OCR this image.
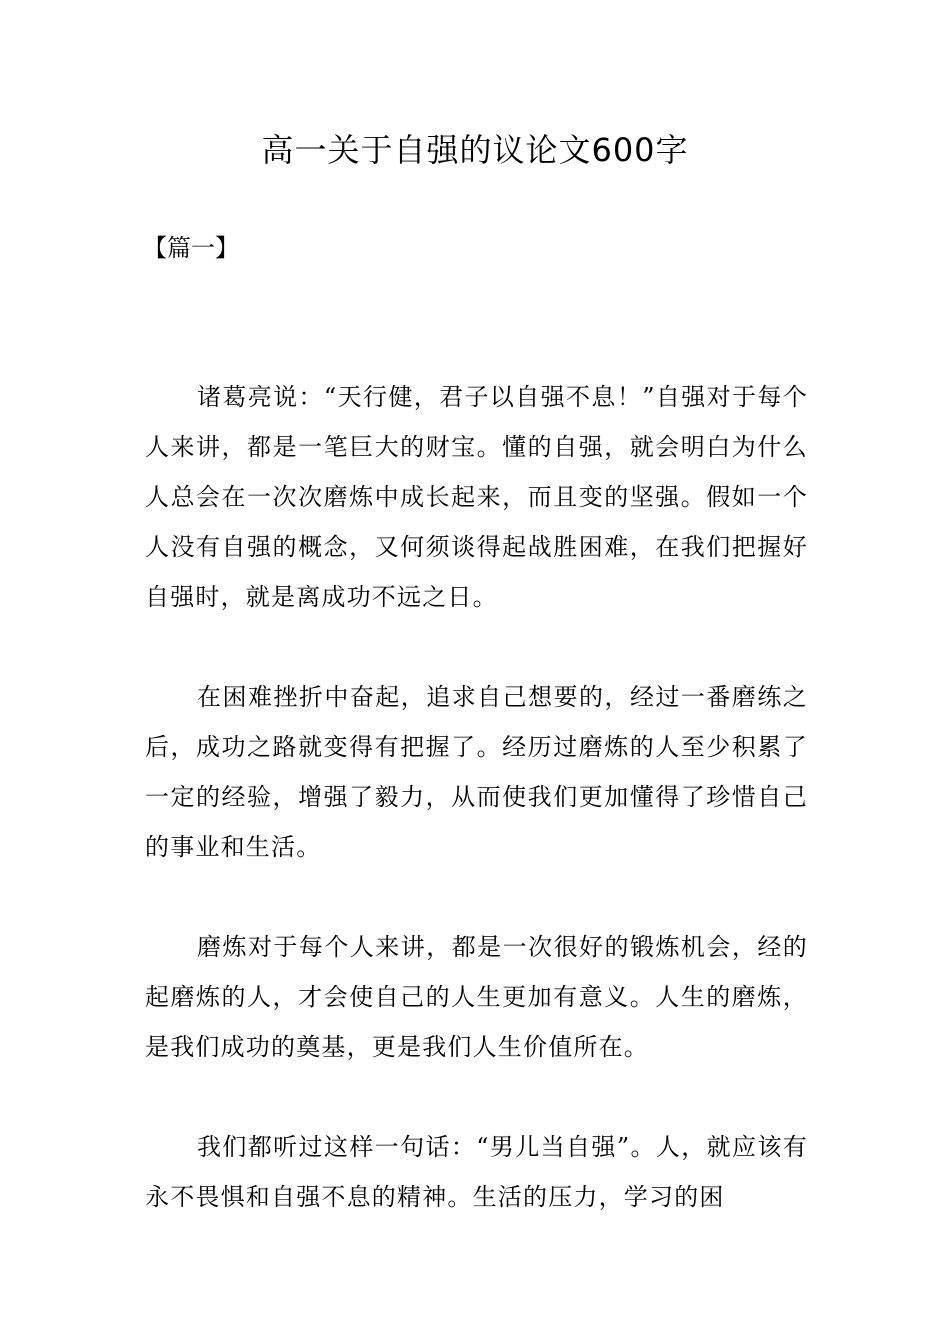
高一关于自强的议论文600字

【篇一】

诸葛亮说：“天行健，君子以自强不息！”自强对于每个人来讲，都是一笔巨大的财宝。懂的自强，就会明白为什么人总会在一次次磨炼中成长起来，而且变的坚强。假如一个人没有自强的概念，又何须谈得起战胜困难，在我们把握好自强时，就是离成功不远之日。

在困难挫折中奋起，追求自己想要的，经过一番磨练之后，成功之路就变得有把握了。经历过磨炼的人至少积累了一定的经验，增强了毅力，从而使我们更加懂得了珍惜自己的事业和生活。

磨炼对于每个人来讲，都是一次很好的锻炼机会，经的起磨炼的人，才会使自己的人生更加有意义。人生的磨炼，是我们成功的奠基，更是我们人生价值所在。

我们都听过这样一句话：“男儿当自强”。人，就应该有永不畏惧和自强不息的精神。生活的压力，学习的困
